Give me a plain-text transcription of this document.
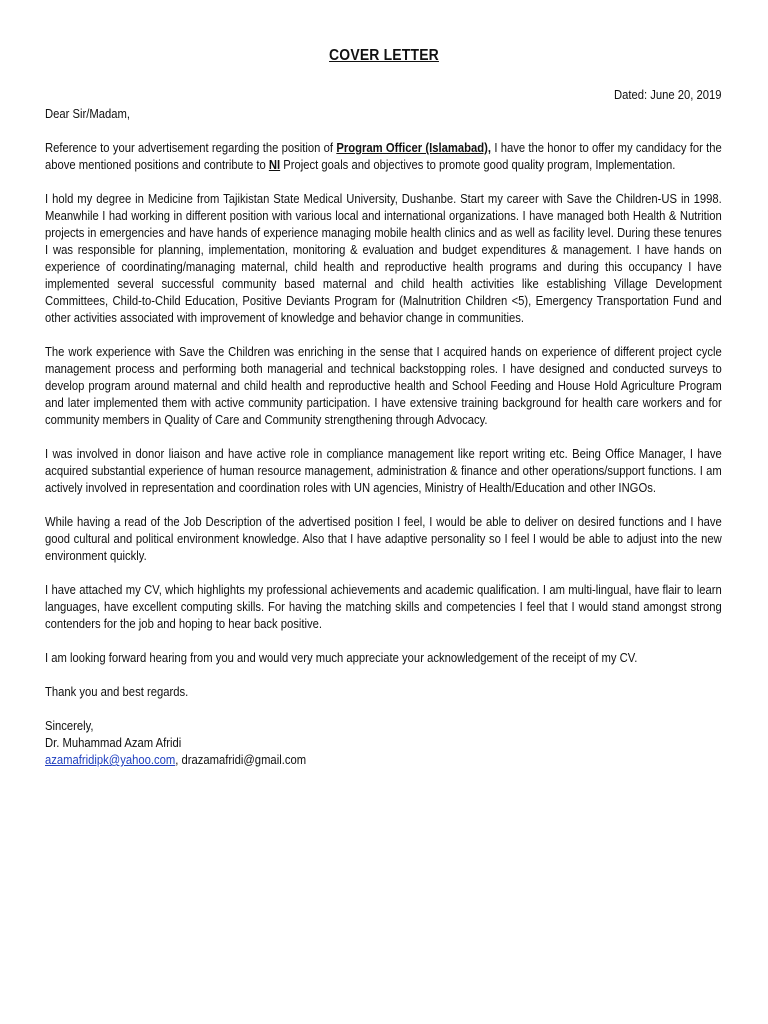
COVER LETTER
Dated: June 20, 2019
Dear Sir/Madam,

Reference to your advertisement regarding the position of Program Officer (Islamabad), I have the honor to offer my candidacy for the above mentioned positions and contribute to NI Project goals and objectives to promote good quality program, Implementation.

I hold my degree in Medicine from Tajikistan State Medical University, Dushanbe. Start my career with Save the Children-US in 1998. Meanwhile I had working in different position with various local and international organizations. I have managed both Health & Nutrition projects in emergencies and have hands of experience managing mobile health clinics and as well as facility level. During these tenures I was responsible for planning, implementation, monitoring & evaluation and budget expenditures & management. I have hands on experience of coordinating/managing maternal, child health and reproductive health programs and during this occupancy I have implemented several successful community based maternal and child health activities like establishing Village Development Committees, Child-to-Child Education, Positive Deviants Program for (Malnutrition Children <5), Emergency Transportation Fund and other activities associated with improvement of knowledge and behavior change in communities.

The work experience with Save the Children was enriching in the sense that I acquired hands on experience of different project cycle management process and performing both managerial and technical backstopping roles. I have designed and conducted surveys to develop program around maternal and child health and reproductive health and School Feeding and House Hold Agriculture Program and later implemented them with active community participation. I have extensive training background for health care workers and for community members in Quality of Care and Community strengthening through Advocacy.

I was involved in donor liaison and have active role in compliance management like report writing etc. Being Office Manager, I have acquired substantial experience of human resource management, administration & finance and other operations/support functions. I am actively involved in representation and coordination roles with UN agencies, Ministry of Health/Education and other INGOs.

While having a read of the Job Description of the advertised position I feel, I would be able to deliver on desired functions and I have good cultural and political environment knowledge. Also that I have adaptive personality so I feel I would be able to adjust into the new environment quickly.

I have attached my CV, which highlights my professional achievements and academic qualification. I am multi-lingual, have flair to learn languages, have excellent computing skills. For having the matching skills and competencies I feel that I would stand amongst strong contenders for the job and hoping to hear back positive.

I am looking forward hearing from you and would very much appreciate your acknowledgement of the receipt of my CV.

Thank you and best regards.

Sincerely,
Dr. Muhammad Azam Afridi
azamafridipk@yahoo.com, drazamafridi@gmail.com
